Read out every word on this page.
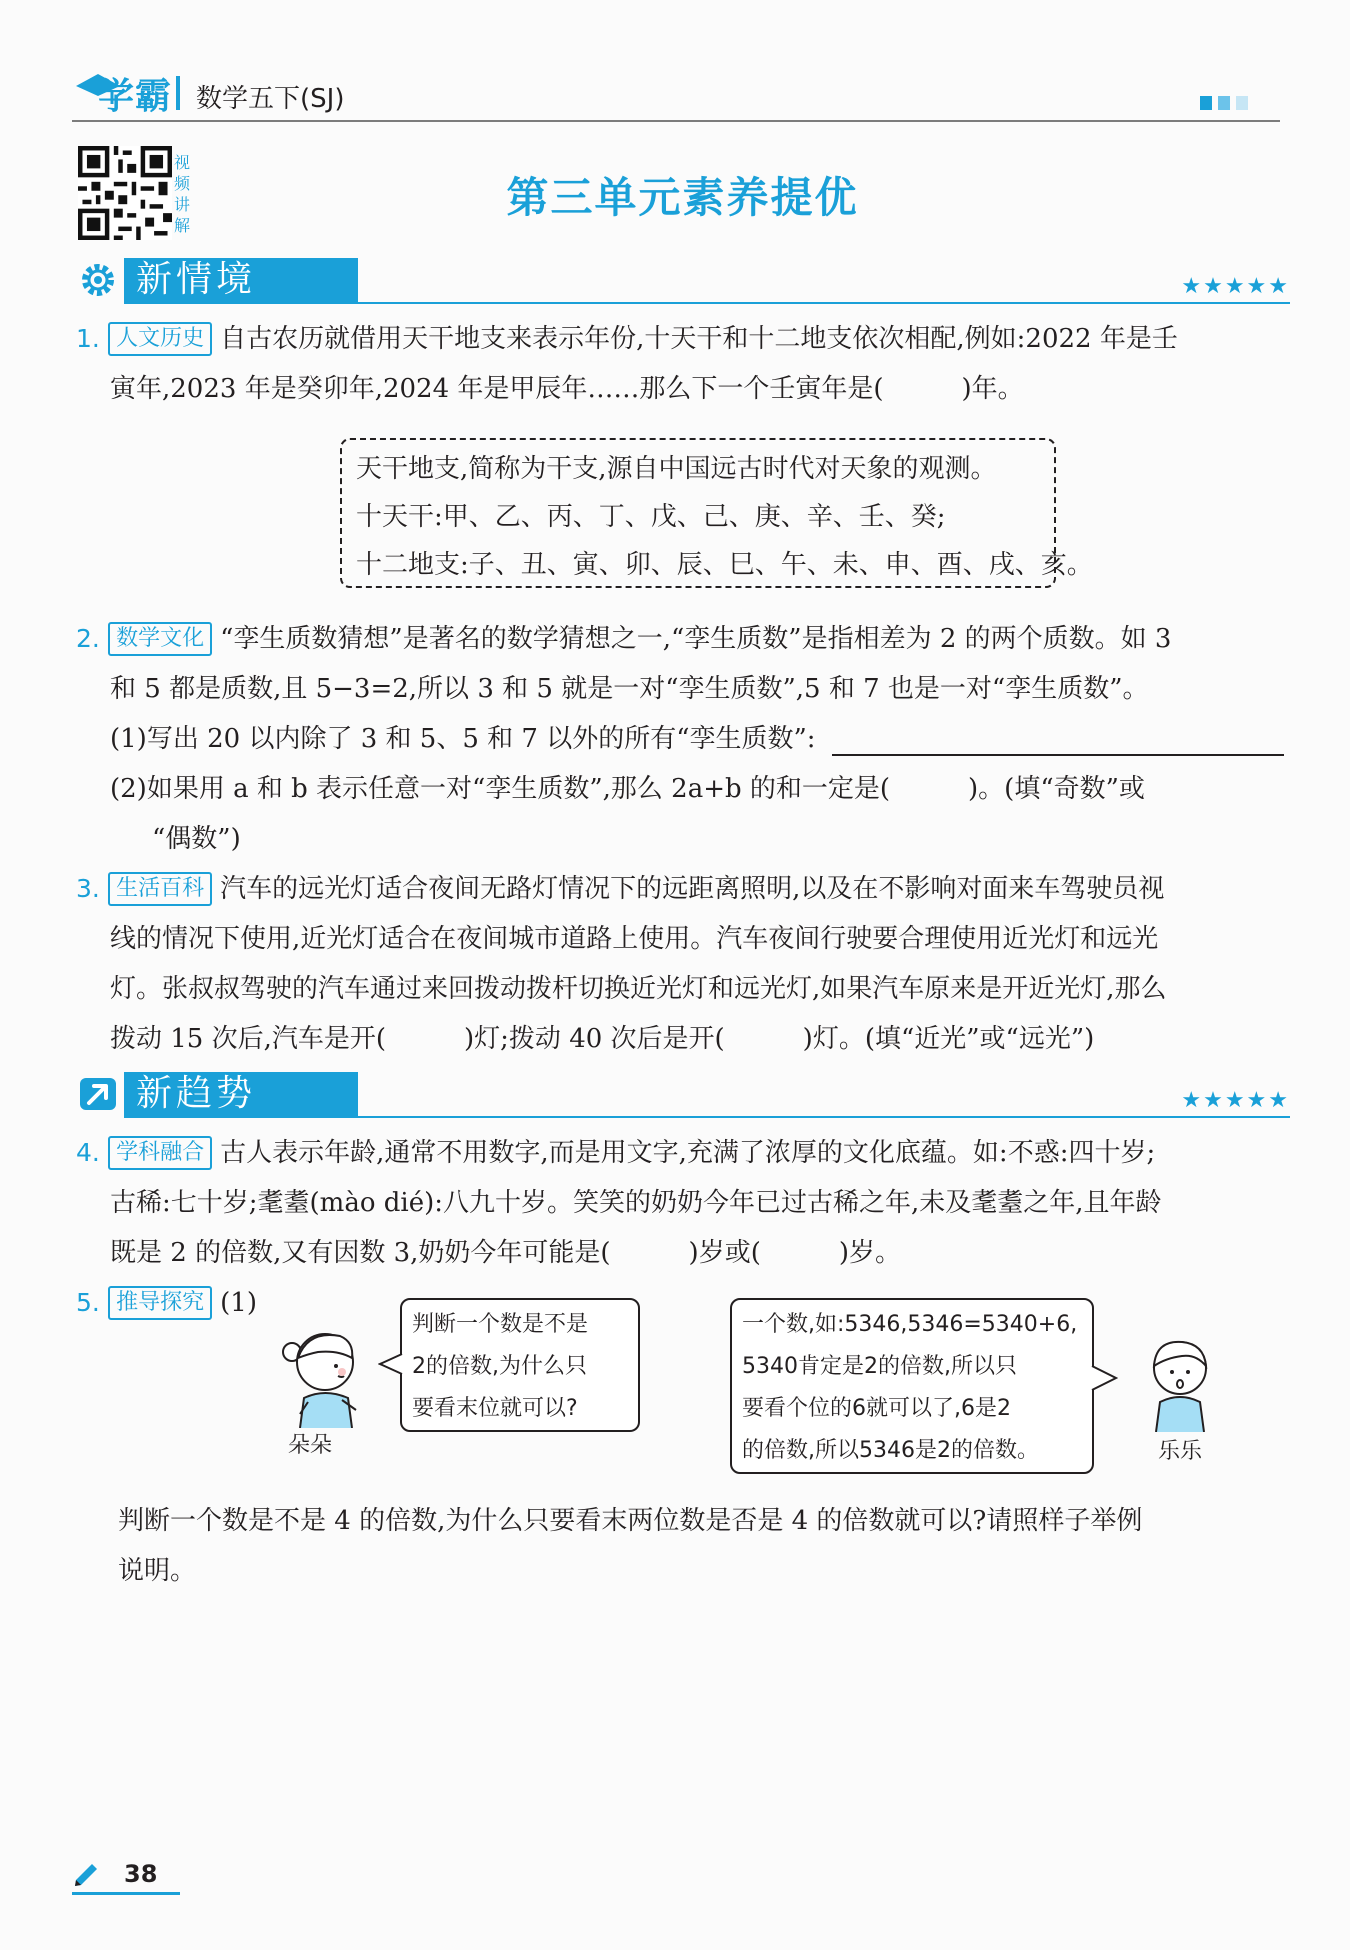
学霸 数学五下(SJ)
视频讲解
第三单元素养提优
新情境	★★★★★
1. 人文历史 自古农历就借用天干地支来表示年份,十天干和十二地支依次相配,例如:2022 年是壬
寅年,2023 年是癸卯年,2024 年是甲辰年……那么下一个壬寅年是(　　　)年。
天干地支,简称为干支,源自中国远古时代对天象的观测。
十天干:甲、乙、丙、丁、戊、己、庚、辛、壬、癸;
十二地支:子、丑、寅、卯、辰、巳、午、未、申、酉、戌、亥。
2. 数学文化 “孪生质数猜想”是著名的数学猜想之一,“孪生质数”是指相差为 2 的两个质数。如 3
和 5 都是质数,且 5−3=2,所以 3 和 5 就是一对“孪生质数”,5 和 7 也是一对“孪生质数”。
(1)写出 20 以内除了 3 和 5、5 和 7 以外的所有“孪生质数”:
(2)如果用 a 和 b 表示任意一对“孪生质数”,那么 2a+b 的和一定是(　　　)。(填“奇数”或
“偶数”)
3. 生活百科 汽车的远光灯适合夜间无路灯情况下的远距离照明,以及在不影响对面来车驾驶员视
线的情况下使用,近光灯适合在夜间城市道路上使用。汽车夜间行驶要合理使用近光灯和远光
灯。张叔叔驾驶的汽车通过来回拨动拨杆切换近光灯和远光灯,如果汽车原来是开近光灯,那么
拨动 15 次后,汽车是开(　　　)灯;拨动 40 次后是开(　　　)灯。(填“近光”或“远光”)
新趋势	★★★★★
4. 学科融合 古人表示年龄,通常不用数字,而是用文字,充满了浓厚的文化底蕴。如:不惑:四十岁;
古稀:七十岁;耄耋(mào dié):八九十岁。笑笑的奶奶今年已过古稀之年,未及耄耋之年,且年龄
既是 2 的倍数,又有因数 3,奶奶今年可能是(　　　)岁或(　　　)岁。
5. 推导探究 (1)
朵朵
判断一个数是不是
2的倍数,为什么只
要看末位就可以?
一个数,如:5346,5346=5340+6,
5340肯定是2的倍数,所以只
要看个位的6就可以了,6是2
的倍数,所以5346是2的倍数。	乐乐
判断一个数是不是 4 的倍数,为什么只要看末两位数是否是 4 的倍数就可以?请照样子举例
说明。
38
